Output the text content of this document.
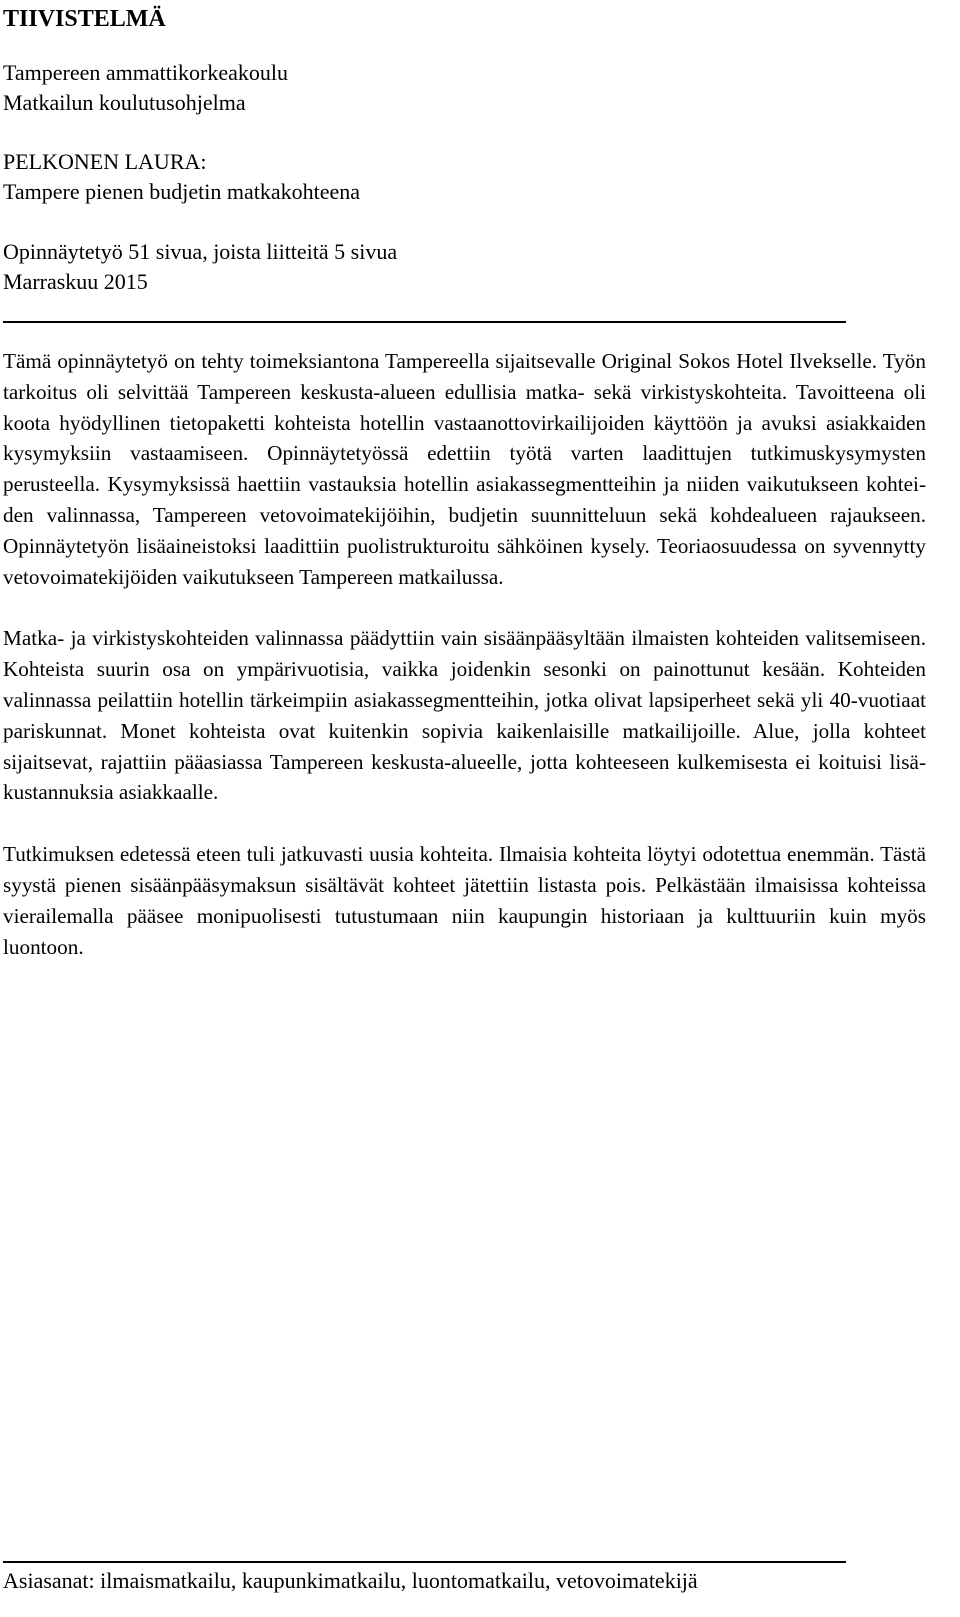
TIIVISTELMÄ
Tampereen ammattikorkeakoulu
Matkailun koulutusohjelma
PELKONEN LAURA:
Tampere pienen budjetin matkakohteena
Opinnäytetyö 51 sivua, joista liitteitä 5 sivua
Marraskuu 2015

Tämä opinnäytetyö on tehty toimeksiantona Tampereella sijaitsevalle Original Sokos Hotel Ilvekselle. Työn tarkoitus oli selvittää Tampereen keskusta-alueen edullisia matka- sekä virkistyskohteita. Tavoitteena oli koota hyödyllinen tietopaketti kohteista hotellin vastaanottovirkailijoiden käyttöön ja avuksi asiakkaiden kysymyksiin vastaamiseen. Opinnäytetyössä edettiin työtä varten laadittujen tutkimuskysymysten perusteella. Kysymyksissä haettiin vastauksia hotellin asiakassegmentteihin ja niiden vaikutukseen kohteiden valinnassa, Tampereen vetovoimatekijöihin, budjetin suunnitteluun sekä kohdealueen rajaukseen. Opinnäytetyön lisäaineistoksi laadittiin puolistrukturoitu sähköinen kysely. Teoriaosuudessa on syvennytty vetovoimatekijöiden vaikutukseen Tampereen matkailussa.

Matka- ja virkistyskohteiden valinnassa päädyttiin vain sisäänpääsyltään ilmaisten kohteiden valitsemiseen. Kohteista suurin osa on ympärivuotisia, vaikka joidenkin sesonki on painottunut kesään. Kohteiden valinnassa peilattiin hotellin tärkeimpiin asiakassegmentteihin, jotka olivat lapsiperheet sekä yli 40-vuotiaat pariskunnat. Monet kohteista ovat kuitenkin sopivia kaikenlaisille matkailijoille. Alue, jolla kohteet sijaitsevat, rajattiin pääasiassa Tampereen keskusta-alueelle, jotta kohteeseen kulkemisesta ei koituisi lisäkustannuksia asiakkaalle.

Tutkimuksen edetessä eteen tuli jatkuvasti uusia kohteita. Ilmaisia kohteita löytyi odotettua enemmän. Tästä syystä pienen sisäänpääsymaksun sisältävät kohteet jätettiin listasta pois. Pelkästään ilmaisissa kohteissa vierailemalla pääsee monipuolisesti tutustumaan niin kaupungin historiaan ja kulttuuriin kuin myös luontoon.

Asiasanat: ilmaismatkailu, kaupunkimatkailu, luontomatkailu, vetovoimatekijä
